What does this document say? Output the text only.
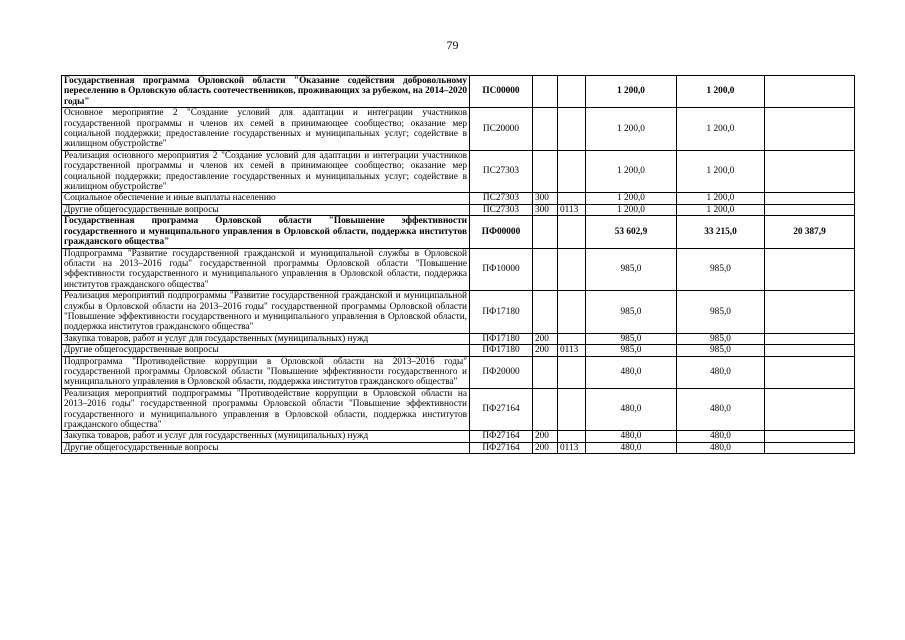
79
Государственная программа Орловской области "Оказание содействия добровольному переселению в Орловскую область соотечественников, проживающих за рубежом, на 2014–2020 годы"	ПС00000			1 200,0	1 200,0	
Основное мероприятие 2 "Создание условий для адаптации и интеграции участников государственной программы и членов их семей в принимающее сообщество; оказание мер социальной поддержки; предоставление государственных и муниципальных услуг; содействие в жилищном обустройстве"	ПС20000			1 200,0	1 200,0	
Реализация основного мероприятия 2 "Создание условий для адаптации и интеграции участников государственной программы и членов их семей в принимающее сообщество; оказание мер социальной поддержки; предоставление государственных и муниципальных услуг; содействие в жилищном обустройстве"	ПС27303			1 200,0	1 200,0	
Социальное обеспечение и иные выплаты населению	ПС27303	300		1 200,0	1 200,0	
Другие общегосударственные вопросы	ПС27303	300	0113	1 200,0	1 200,0	
Государственная программа Орловской области "Повышение эффективности государственного и муниципального управления в Орловской области, поддержка институтов гражданского общества"	ПФ00000			53 602,9	33 215,0	20 387,9
Подпрограмма "Развитие государственной гражданской и муниципальной службы в Орловской области на 2013–2016 годы" государственной программы Орловской области "Повышение эффективности государственного и муниципального управления в Орловской области, поддержка институтов гражданского общества"	ПФ10000			985,0	985,0	
Реализация мероприятий подпрограммы "Развитие государственной гражданской и муниципальной службы в Орловской области на 2013–2016 годы" государственной программы Орловской области "Повышение эффективности государственного и муниципального управления в Орловской области, поддержка институтов гражданского общества"	ПФ17180			985,0	985,0	
Закупка товаров, работ и услуг для государственных (муниципальных) нужд	ПФ17180	200		985,0	985,0	
Другие общегосударственные вопросы	ПФ17180	200	0113	985,0	985,0	
Подпрограмма "Противодействие коррупции в Орловской области на 2013–2016 годы" государственной программы Орловской области "Повышение эффективности государственного и муниципального управления в Орловской области, поддержка институтов гражданского общества"	ПФ20000			480,0	480,0	
Реализация мероприятий подпрограммы "Противодействие коррупции в Орловской области на 2013–2016 годы" государственной программы Орловской области "Повышение эффективности государственного и муниципального управления в Орловской области, поддержка институтов гражданского общества"	ПФ27164			480,0	480,0	
Закупка товаров, работ и услуг для государственных (муниципальных) нужд	ПФ27164	200		480,0	480,0	
Другие общегосударственные вопросы	ПФ27164	200	0113	480,0	480,0	
